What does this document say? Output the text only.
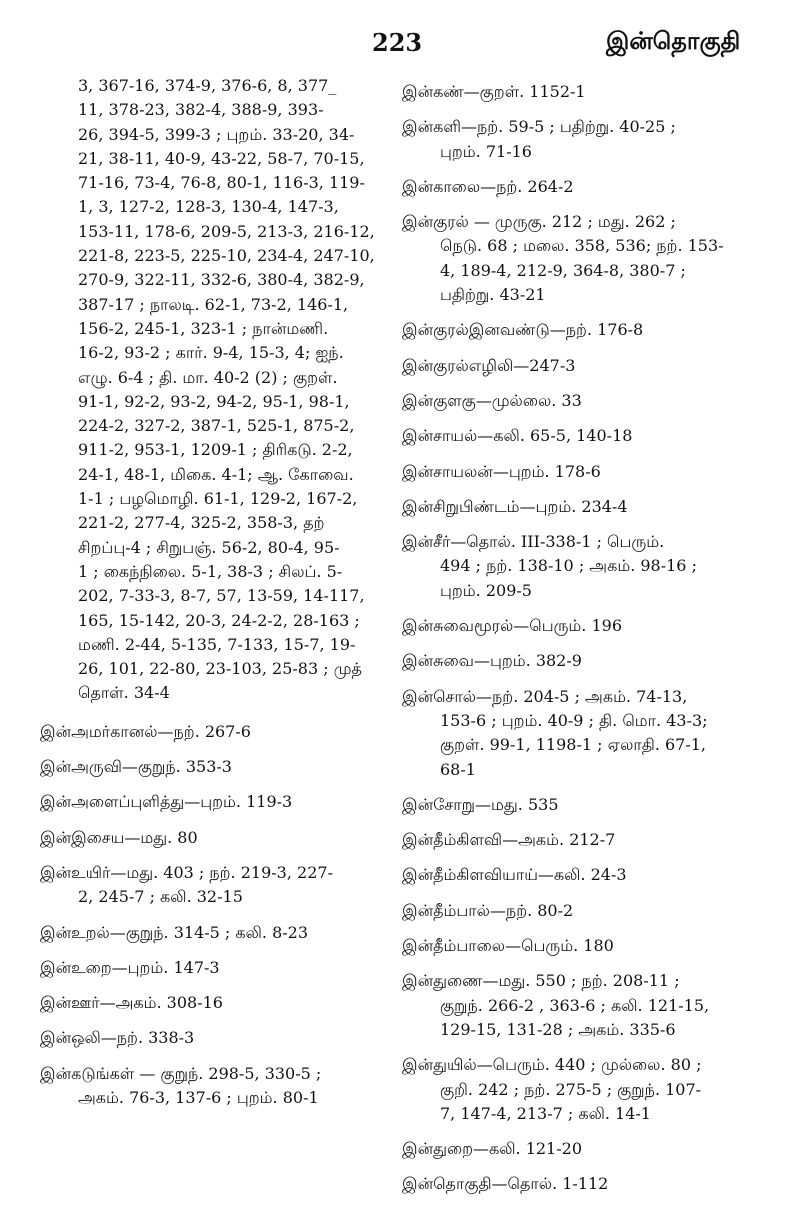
223	இன்தொகுதி
3, 367-16, 374-9, 376-6, 8, 377_
11, 378-23, 382-4, 388-9, 393-
26, 394-5, 399-3 ; புறம். 33-20, 34-
21, 38-11, 40-9, 43-22, 58-7, 70-15,
71-16, 73-4, 76-8, 80-1, 116-3, 119-
1, 3, 127-2, 128-3, 130-4, 147-3,
153-11, 178-6, 209-5, 213-3, 216-12,
221-8, 223-5, 225-10, 234-4, 247-10,
270-9, 322-11, 332-6, 380-4, 382-9,
387-17 ; நாலடி. 62-1, 73-2, 146-1,
156-2, 245-1, 323-1 ; நான்மணி.
16-2, 93-2 ; கார். 9-4, 15-3, 4; ஐந்.
எழு. 6-4 ; தி. மா. 40-2 (2) ; குறள்.
91-1, 92-2, 93-2, 94-2, 95-1, 98-1,
224-2, 327-2, 387-1, 525-1, 875-2,
911-2, 953-1, 1209-1 ; திரிகடு. 2-2,
24-1, 48-1, மிகை. 4-1; ஆ. கோவை.
1-1 ; பழமொழி. 61-1, 129-2, 167-2,
221-2, 277-4, 325-2, 358-3, தற்
சிறப்பு-4 ; சிறுபஞ். 56-2, 80-4, 95-
1 ; கைந்நிலை. 5-1, 38-3 ; சிலப். 5-
202, 7-33-3, 8-7, 57, 13-59, 14-117,
165, 15-142, 20-3, 24-2-2, 28-163 ;
மணி. 2-44, 5-135, 7-133, 15-7, 19-
26, 101, 22-80, 23-103, 25-83 ; முத்
தொள். 34-4
இன்அமர்கானல்—நற். 267-6
இன்அருவி—குறுந். 353-3
இன்அளைப்புளித்து—புறம். 119-3
இன்இசைய—மது. 80
இன்உயிர்—மது. 403 ; நற். 219-3, 227-
2, 245-7 ; கலி. 32-15
இன்உறல்—குறுந். 314-5 ; கலி. 8-23
இன்உறை—புறம். 147-3
இன்ஊர்—அகம். 308-16
இன்ஒலி—நற். 338-3
இன்கடுங்கள் — குறுந். 298-5, 330-5 ;
அகம். 76-3, 137-6 ; புறம். 80-1
இன்கண்—குறள். 1152-1
இன்களி—நற். 59-5 ; பதிற்று. 40-25 ;
புறம். 71-16
இன்காலை—நற். 264-2
இன்குரல் — முருகு. 212 ; மது. 262 ;
நெடு. 68 ; மலை. 358, 536; நற். 153-
4, 189-4, 212-9, 364-8, 380-7 ;
பதிற்று. 43-21
இன்குரல்இனவண்டு—நற். 176-8
இன்குரல்எழிலி—247-3
இன்குளகு—முல்லை. 33
இன்சாயல்—கலி. 65-5, 140-18
இன்சாயலன்—புறம். 178-6
இன்சிறுபிண்டம்—புறம். 234-4
இன்சீர்—தொல். III-338-1 ; பெரும்.
494 ; நற். 138-10 ; அகம். 98-16 ;
புறம். 209-5
இன்சுவைமூரல்—பெரும். 196
இன்சுவை—புறம். 382-9
இன்சொல்—நற். 204-5 ; அகம். 74-13,
153-6 ; புறம். 40-9 ; தி. மொ. 43-3;
குறள். 99-1, 1198-1 ; ஏலாதி. 67-1,
68-1
இன்சோறு—மது. 535
இன்தீம்கிளவி—அகம். 212-7
இன்தீம்கிளவியாய்—கலி. 24-3
இன்தீம்பால்—நற். 80-2
இன்தீம்பாலை—பெரும். 180
இன்துணை—மது. 550 ; நற். 208-11 ;
குறுந். 266-2 , 363-6 ; கலி. 121-15,
129-15, 131-28 ; அகம். 335-6
இன்துயில்—பெரும். 440 ; முல்லை. 80 ;
குறி. 242 ; நற். 275-5 ; குறுந். 107-
7, 147-4, 213-7 ; கலி. 14-1
இன்துறை—கலி. 121-20
இன்தொகுதி—தொல். 1-112
